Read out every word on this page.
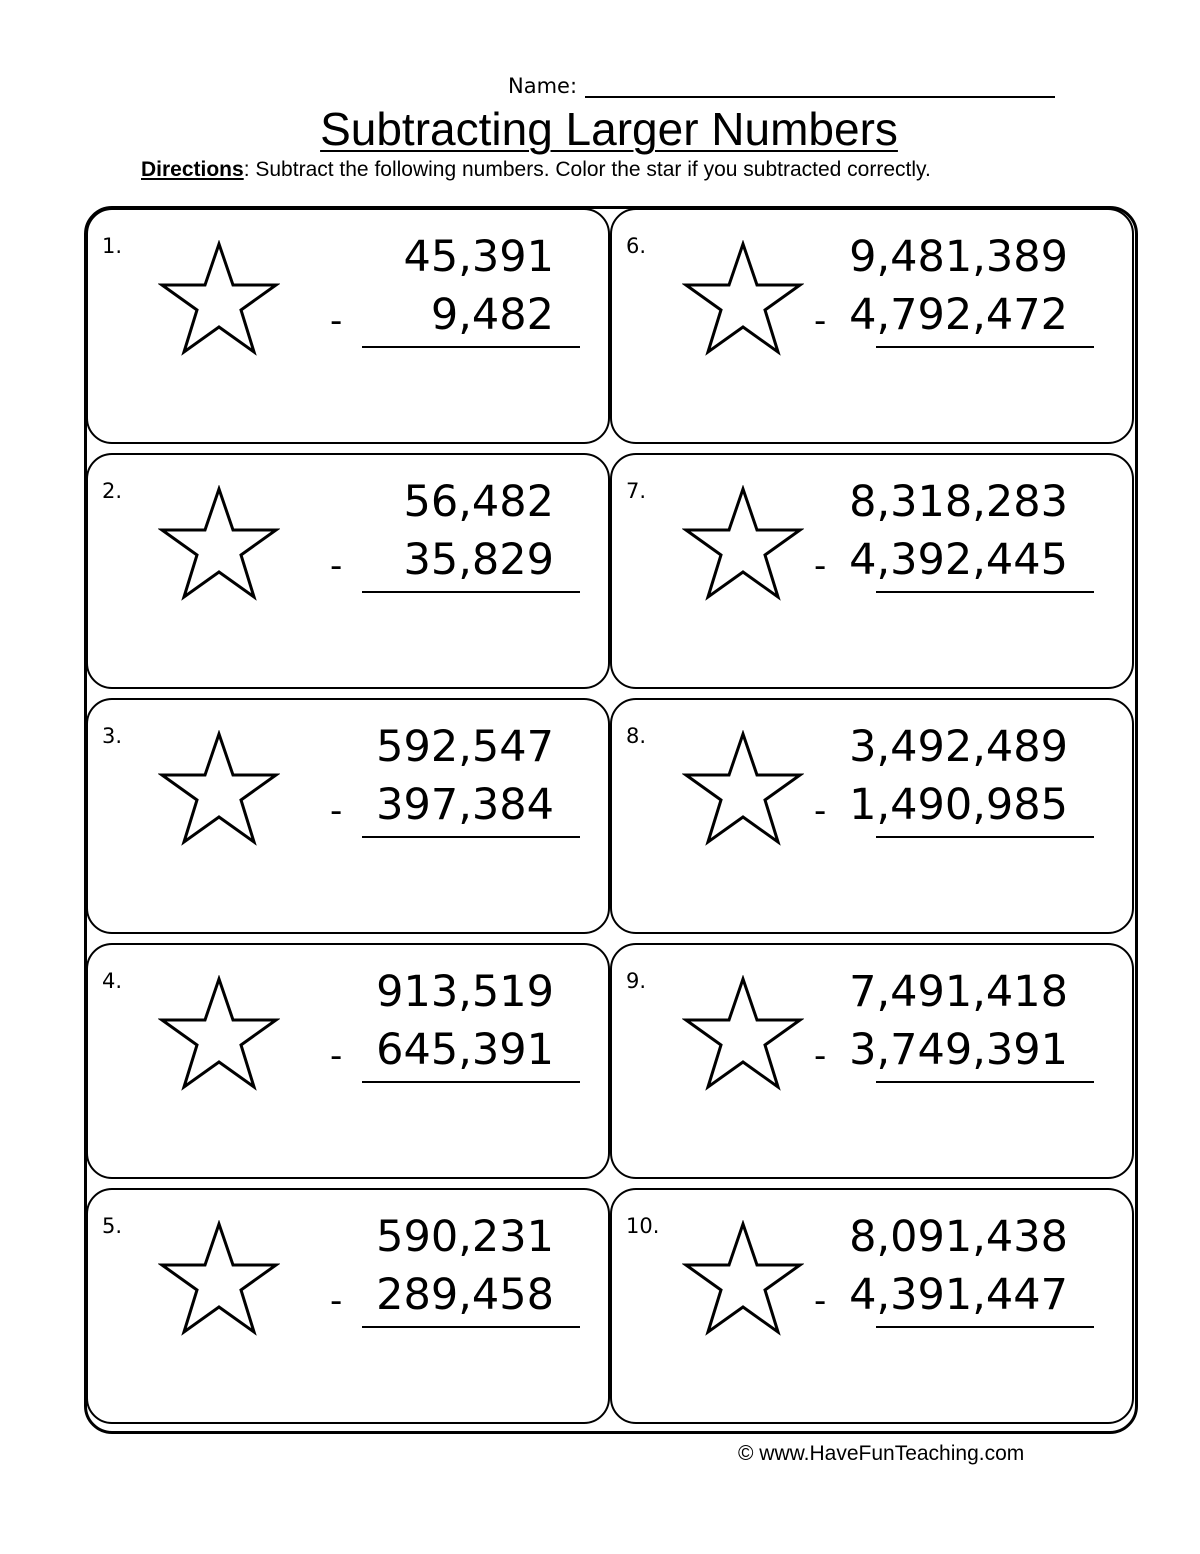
Name:
Subtracting Larger Numbers
Directions: Subtract the following numbers. Color the star if you subtracted correctly.
1.	45,391
- 9,482
2.	56,482
- 35,829
3.	592,547
- 397,384
4.	913,519
- 645,391
5.	590,231
- 289,458
6.	9,481,389
- 4,792,472
7.	8,318,283
- 4,392,445
8.	3,492,489
- 1,490,985
9.	7,491,418
- 3,749,391
10.	8,091,438
- 4,391,447
© www.HaveFunTeaching.com
